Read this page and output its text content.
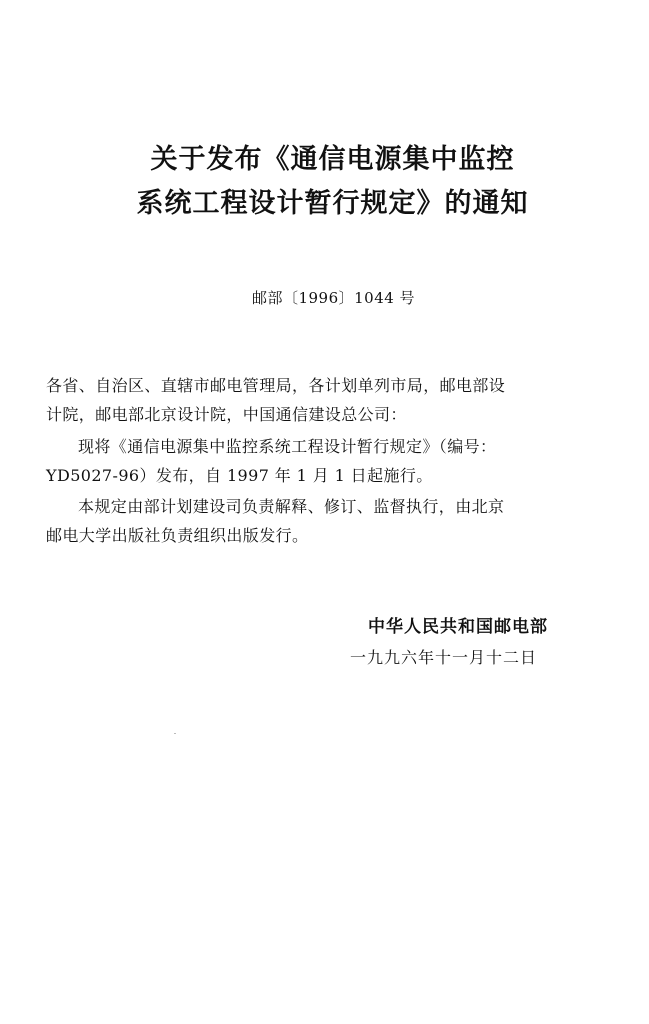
关于发布《通信电源集中监控
系统工程设计暂行规定》的通知
邮部〔1996〕1044 号
各省、自治区、直辖市邮电管理局，各计划单列市局，邮电部设
计院，邮电部北京设计院，中国通信建设总公司：
现将《通信电源集中监控系统工程设计暂行规定》（编号：
YD5027-96）发布，自 1997 年 1 月 1 日起施行。
本规定由部计划建设司负责解释、修订、监督执行，由北京
邮电大学出版社负责组织出版发行。
中华人民共和国邮电部
一九九六年十一月十二日
